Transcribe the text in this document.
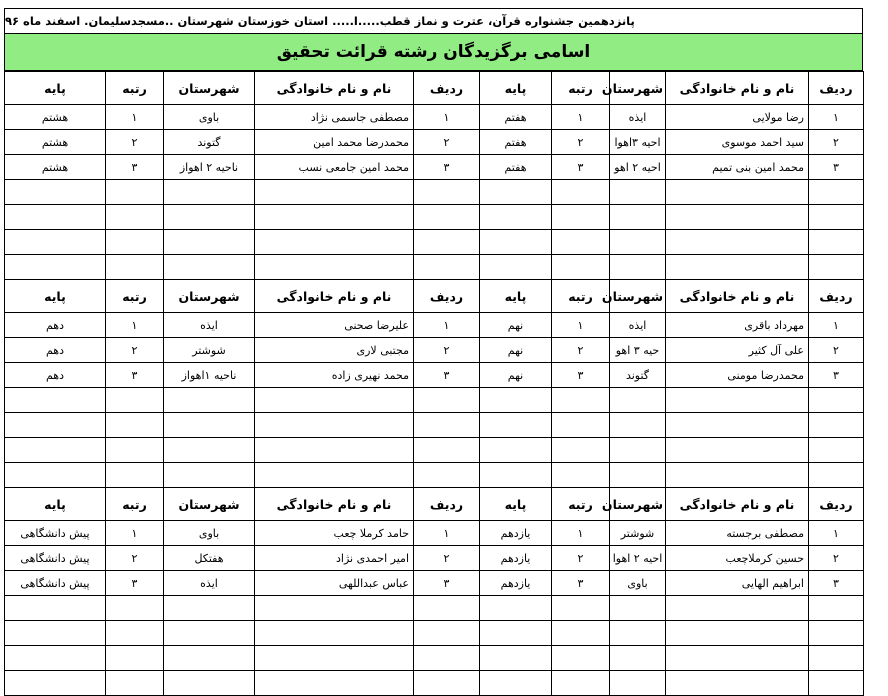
پانزدهمین جشنواره قرآن، عترت و نماز قطب.....ا..... استان خوزستان شهرستان ..مسجدسلیمان. اسفند ماه ۹۶
اسامی برگزیدگان رشته قرائت تحقیق
ردیف	نام و نام خانوادگی	شهرستان	رتبه	پایه	ردیف	نام و نام خانوادگی	شهرستان	رتبه	پایه
۱	رضا مولایی	ایذه	۱	هفتم	۱	مصطفی جاسمی نژاد	باوی	۱	هشتم
۲	سید احمد موسوی	احیه ۳اهوا	۲	هفتم	۲	محمدرضا محمد امین	گتوند	۲	هشتم
۳	محمد امین بنی تمیم	احیه ۲ اهو	۳	هفتم	۳	محمد امین جامعی نسب	ناحیه ۲ اهواز	۳	هشتم

ردیف	نام و نام خانوادگی	شهرستان	رتبه	پایه	ردیف	نام و نام خانوادگی	شهرستان	رتبه	پایه
۱	مهرداد باقری	ایذه	۱	نهم	۱	علیرضا صحنی	ایذه	۱	دهم
۲	علی آل کثیر	حیه ۳ اهو	۲	نهم	۲	مجتبی لاری	شوشتر	۲	دهم
۳	محمدرضا مومنی	گتوند	۳	نهم	۳	محمد نهیری زاده	ناحیه ۱اهواز	۳	دهم

ردیف	نام و نام خانوادگی	شهرستان	رتبه	پایه	ردیف	نام و نام خانوادگی	شهرستان	رتبه	پایه
۱	مصطفی برجسته	شوشتر	۱	یازدهم	۱	حامد کرملا چعب	باوی	۱	پیش دانشگاهی
۲	حسین کرملاچعب	احیه ۲ اهوا	۲	یازدهم	۲	امیر احمدی نژاد	هفتکل	۲	پیش دانشگاهی
۳	ابراهیم الهایی	باوی	۳	یازدهم	۳	عباس عبداللهی	ایذه	۳	پیش دانشگاهی
